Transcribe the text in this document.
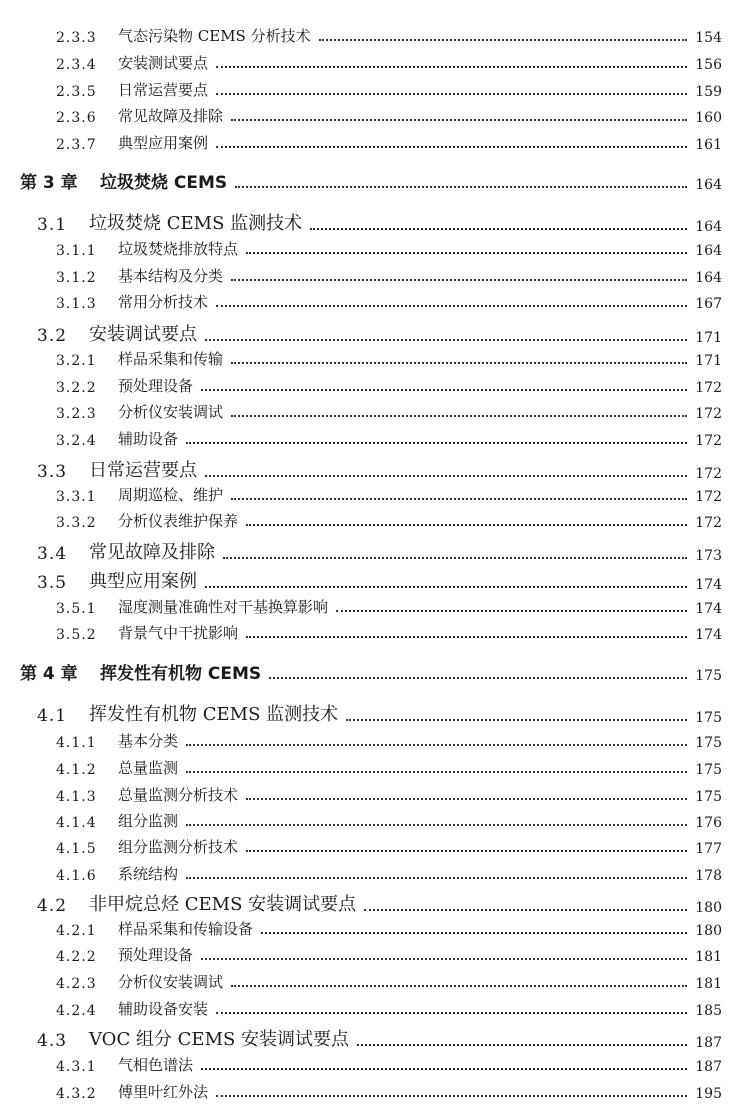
2.3.3	气态污染物 CEMS 分析技术	154
2.3.4	安装测试要点	156
2.3.5	日常运营要点	159
2.3.6	常见故障及排除	160
2.3.7	典型应用案例	161
第 3 章	垃圾焚烧 CEMS	164
3.1	垃圾焚烧 CEMS 监测技术	164
3.1.1	垃圾焚烧排放特点	164
3.1.2	基本结构及分类	164
3.1.3	常用分析技术	167
3.2	安装调试要点	171
3.2.1	样品采集和传输	171
3.2.2	预处理设备	172
3.2.3	分析仪安装调试	172
3.2.4	辅助设备	172
3.3	日常运营要点	172
3.3.1	周期巡检、维护	172
3.3.2	分析仪表维护保养	172
3.4	常见故障及排除	173
3.5	典型应用案例	174
3.5.1	湿度测量准确性对干基换算影响	174
3.5.2	背景气中干扰影响	174
第 4 章	挥发性有机物 CEMS	175
4.1	挥发性有机物 CEMS 监测技术	175
4.1.1	基本分类	175
4.1.2	总量监测	175
4.1.3	总量监测分析技术	175
4.1.4	组分监测	176
4.1.5	组分监测分析技术	177
4.1.6	系统结构	178
4.2	非甲烷总烃 CEMS 安装调试要点	180
4.2.1	样品采集和传输设备	180
4.2.2	预处理设备	181
4.2.3	分析仪安装调试	181
4.2.4	辅助设备安装	185
4.3	VOC 组分 CEMS 安装调试要点	187
4.3.1	气相色谱法	187
4.3.2	傅里叶红外法	195
